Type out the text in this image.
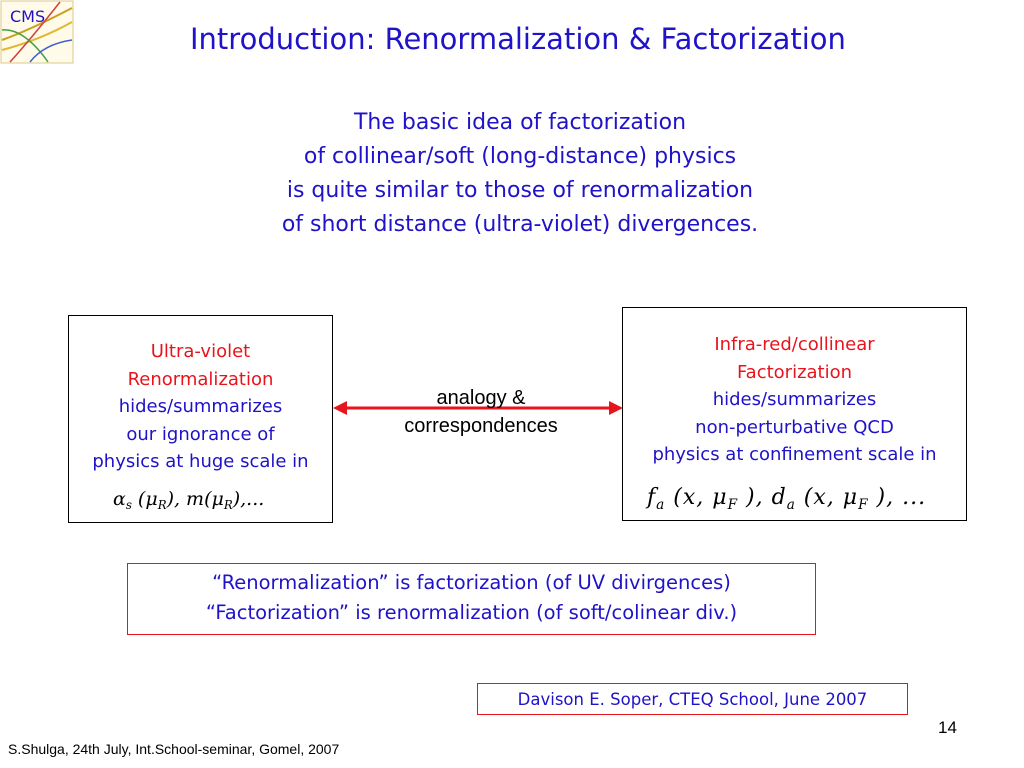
CMS
Introduction: Renormalization & Factorization
The basic idea of factorization
of collinear/soft (long-distance) physics
is quite similar to those of renormalization
of short distance (ultra-violet) divergences.
Ultra-violet
Renormalization
hides/summarizes
our ignorance of
physics at huge scale in
$\alpha_s$ $(\mu_R)$, $m(\mu_R)$,...
analogy &
correspondences
Infra-red/collinear
Factorization
hides/summarizes
non-perturbative QCD
physics at confinement scale in
$f_a$ (x, $\mu_F$ ), $d_a$ (x, $\mu_F$ ), ...
“Renormalization” is factorization (of UV divirgences)
“Factorization” is renormalization (of soft/colinear div.)
Davison E. Soper, CTEQ School, June 2007
14
S.Shulga, 24th July, Int.School-seminar, Gomel, 2007
